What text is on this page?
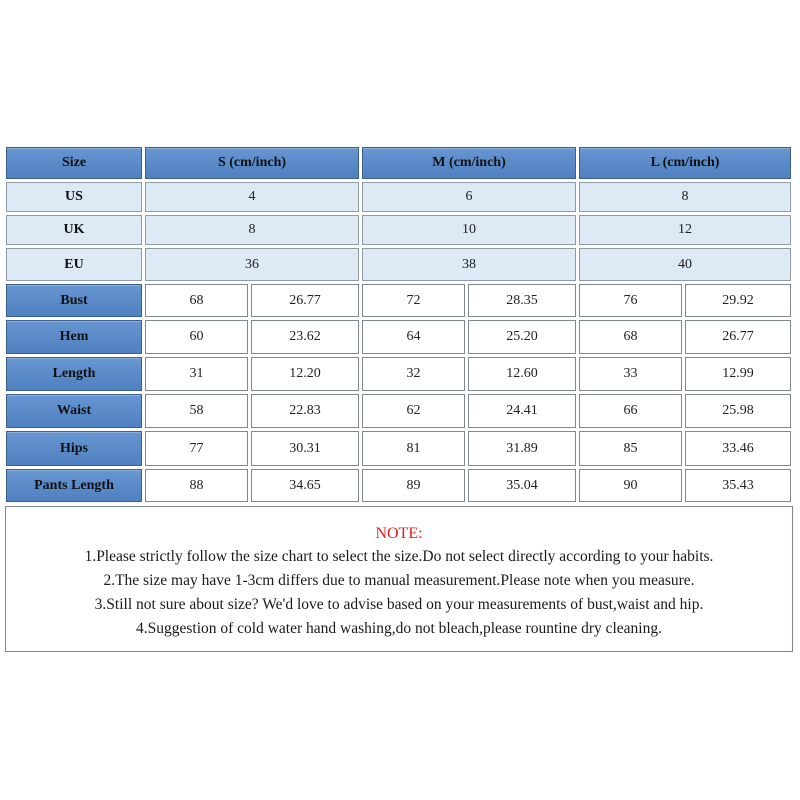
Size	S (cm/inch)	M (cm/inch)	L (cm/inch)
US	4	6	8
UK	8	10	12
EU	36	38	40
Bust	68	26.77	72	28.35	76	29.92
Hem	60	23.62	64	25.20	68	26.77
Length	31	12.20	32	12.60	33	12.99
Waist	58	22.83	62	24.41	66	25.98
Hips	77	30.31	81	31.89	85	33.46
Pants Length	88	34.65	89	35.04	90	35.43
NOTE:
1.Please strictly follow the size chart to select the size.Do not select directly according to your habits.
2.The size may have 1-3cm differs due to manual measurement.Please note when you measure.
3.Still not sure about size? We'd love to advise based on your measurements of bust,waist and hip.
4.Suggestion of cold water hand washing,do not bleach,please rountine dry cleaning.
